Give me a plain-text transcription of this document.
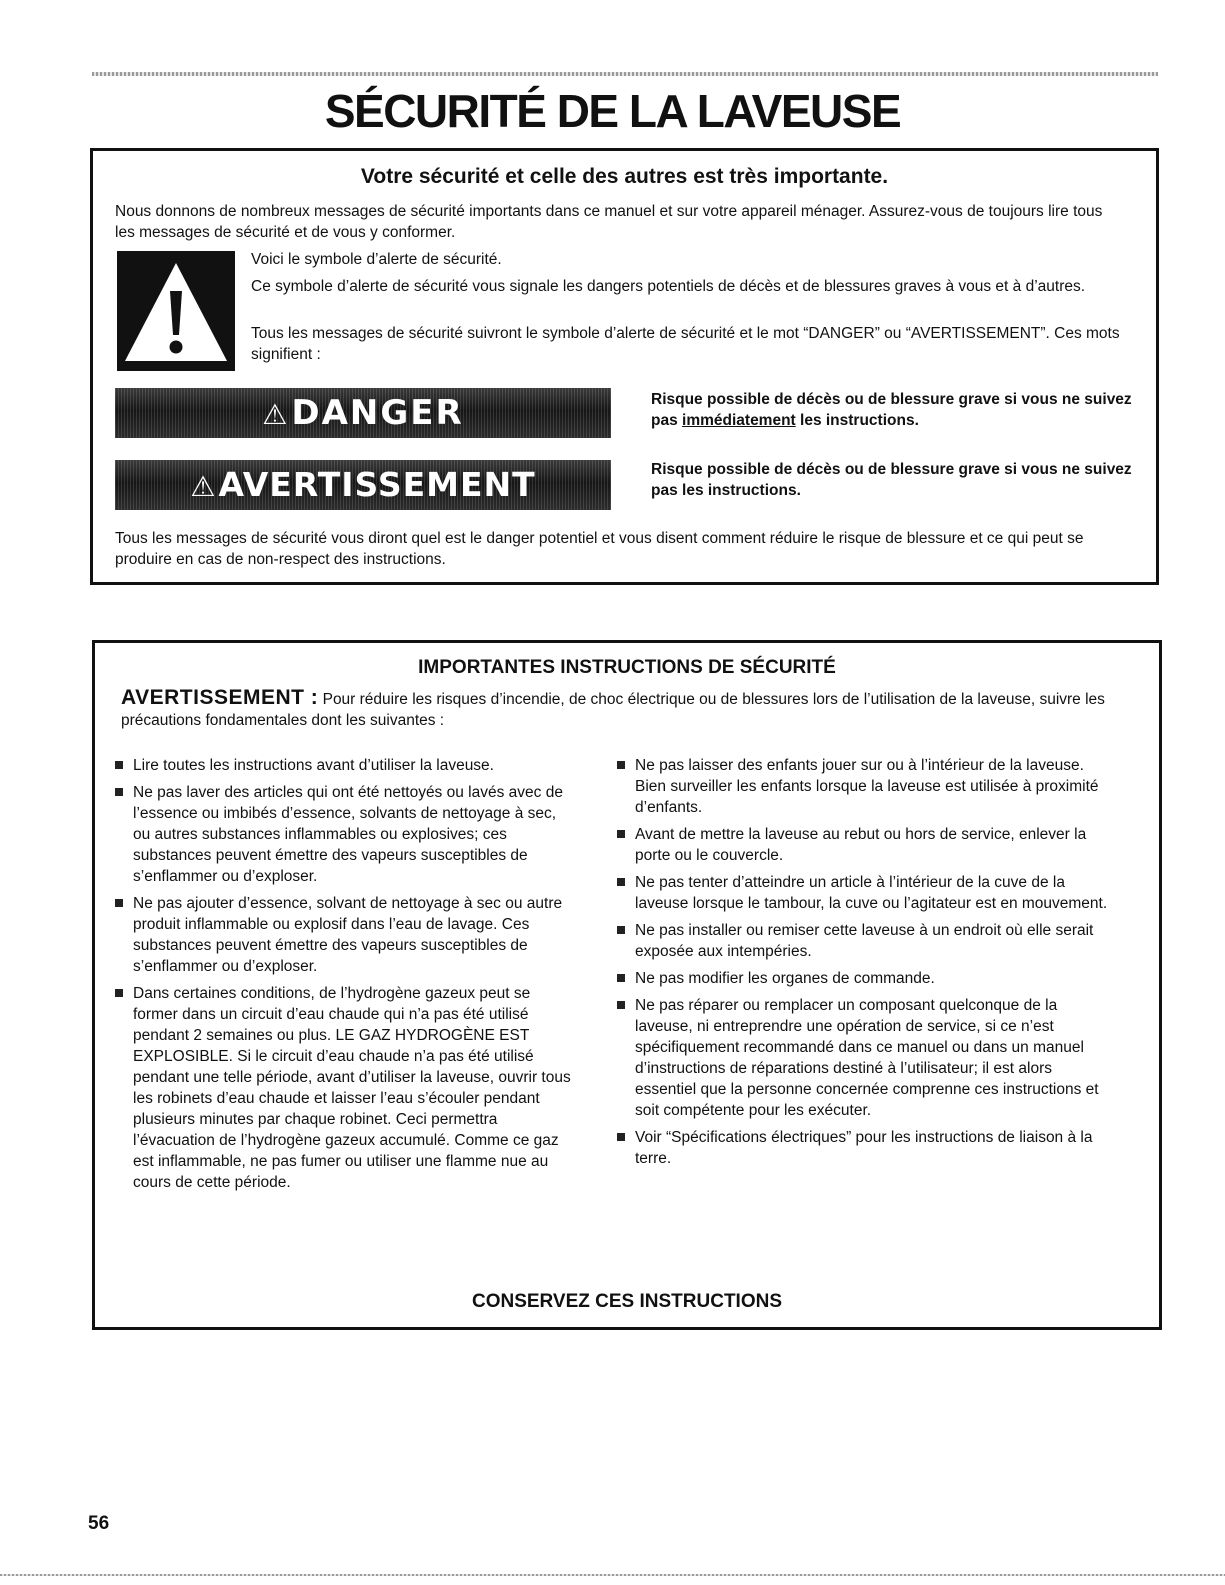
SÉCURITÉ DE LA LAVEUSE
Votre sécurité et celle des autres est très importante.

Nous donnons de nombreux messages de sécurité importants dans ce manuel et sur votre appareil ménager. Assurez-vous de toujours lire tous les messages de sécurité et de vous y conformer.

Voici le symbole d’alerte de sécurité.

Ce symbole d’alerte de sécurité vous signale les dangers potentiels de décès et de blessures graves à vous et à d’autres.

Tous les messages de sécurité suivront le symbole d’alerte de sécurité et le mot “DANGER” ou “AVERTISSEMENT”. Ces mots signifient :

⚠DANGER	Risque possible de décès ou de blessure grave si vous ne suivez pas immédiatement les instructions.

⚠AVERTISSEMENT	Risque possible de décès ou de blessure grave si vous ne suivez pas les instructions.

Tous les messages de sécurité vous diront quel est le danger potentiel et vous disent comment réduire le risque de blessure et ce qui peut se produire en cas de non-respect des instructions.

IMPORTANTES INSTRUCTIONS DE SÉCURITÉ

AVERTISSEMENT : Pour réduire les risques d’incendie, de choc électrique ou de blessures lors de l’utilisation de la laveuse, suivre les précautions fondamentales dont les suivantes :

Lire toutes les instructions avant d’utiliser la laveuse.
Ne pas laver des articles qui ont été nettoyés ou lavés avec de l’essence ou imbibés d’essence, solvants de nettoyage à sec, ou autres substances inflammables ou explosives; ces substances peuvent émettre des vapeurs susceptibles de s’enflammer ou d’exploser.
Ne pas ajouter d’essence, solvant de nettoyage à sec ou autre produit inflammable ou explosif dans l’eau de lavage. Ces substances peuvent émettre des vapeurs susceptibles de s’enflammer ou d’exploser.
Dans certaines conditions, de l’hydrogène gazeux peut se former dans un circuit d’eau chaude qui n’a pas été utilisé pendant 2 semaines ou plus. LE GAZ HYDROGÈNE EST EXPLOSIBLE. Si le circuit d’eau chaude n’a pas été utilisé pendant une telle période, avant d’utiliser la laveuse, ouvrir tous les robinets d’eau chaude et laisser l’eau s’écouler pendant plusieurs minutes par chaque robinet. Ceci permettra l’évacuation de l’hydrogène gazeux accumulé. Comme ce gaz est inflammable, ne pas fumer ou utiliser une flamme nue au cours de cette période.
Ne pas laisser des enfants jouer sur ou à l’intérieur de la laveuse. Bien surveiller les enfants lorsque la laveuse est utilisée à proximité d’enfants.
Avant de mettre la laveuse au rebut ou hors de service, enlever la porte ou le couvercle.
Ne pas tenter d’atteindre un article à l’intérieur de la cuve de la laveuse lorsque le tambour, la cuve ou l’agitateur est en mouvement.
Ne pas installer ou remiser cette laveuse à un endroit où elle serait exposée aux intempéries.
Ne pas modifier les organes de commande.
Ne pas réparer ou remplacer un composant quelconque de la laveuse, ni entreprendre une opération de service, si ce n’est spécifiquement recommandé dans ce manuel ou dans un manuel d’instructions de réparations destiné à l’utilisateur; il est alors essentiel que la personne concernée comprenne ces instructions et soit compétente pour les exécuter.
Voir “Spécifications électriques” pour les instructions de liaison à la terre.
CONSERVEZ CES INSTRUCTIONS

56
